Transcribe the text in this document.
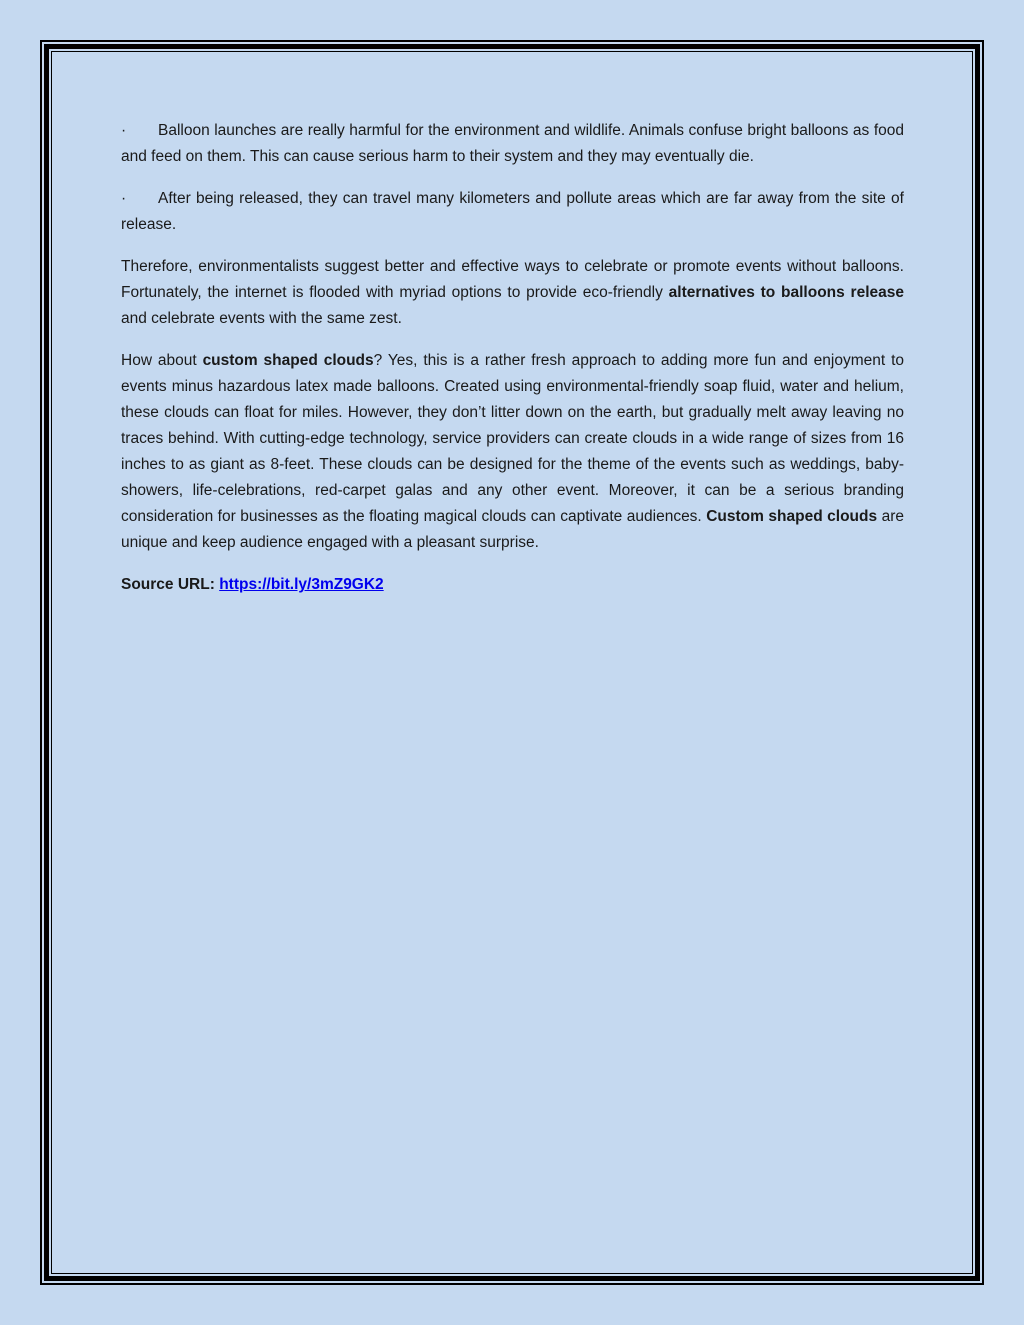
· Balloon launches are really harmful for the environment and wildlife. Animals confuse bright balloons as food and feed on them. This can cause serious harm to their system and they may eventually die.

· After being released, they can travel many kilometers and pollute areas which are far away from the site of release.

Therefore, environmentalists suggest better and effective ways to celebrate or promote events without balloons. Fortunately, the internet is flooded with myriad options to provide eco-friendly alternatives to balloons release and celebrate events with the same zest.

How about custom shaped clouds? Yes, this is a rather fresh approach to adding more fun and enjoyment to events minus hazardous latex made balloons. Created using environmental-friendly soap fluid, water and helium, these clouds can float for miles. However, they don’t litter down on the earth, but gradually melt away leaving no traces behind. With cutting-edge technology, service providers can create clouds in a wide range of sizes from 16 inches to as giant as 8-feet. These clouds can be designed for the theme of the events such as weddings, baby-showers, life-celebrations, red-carpet galas and any other event. Moreover, it can be a serious branding consideration for businesses as the floating magical clouds can captivate audiences. Custom shaped clouds are unique and keep audience engaged with a pleasant surprise.

Source URL: https://bit.ly/3mZ9GK2
